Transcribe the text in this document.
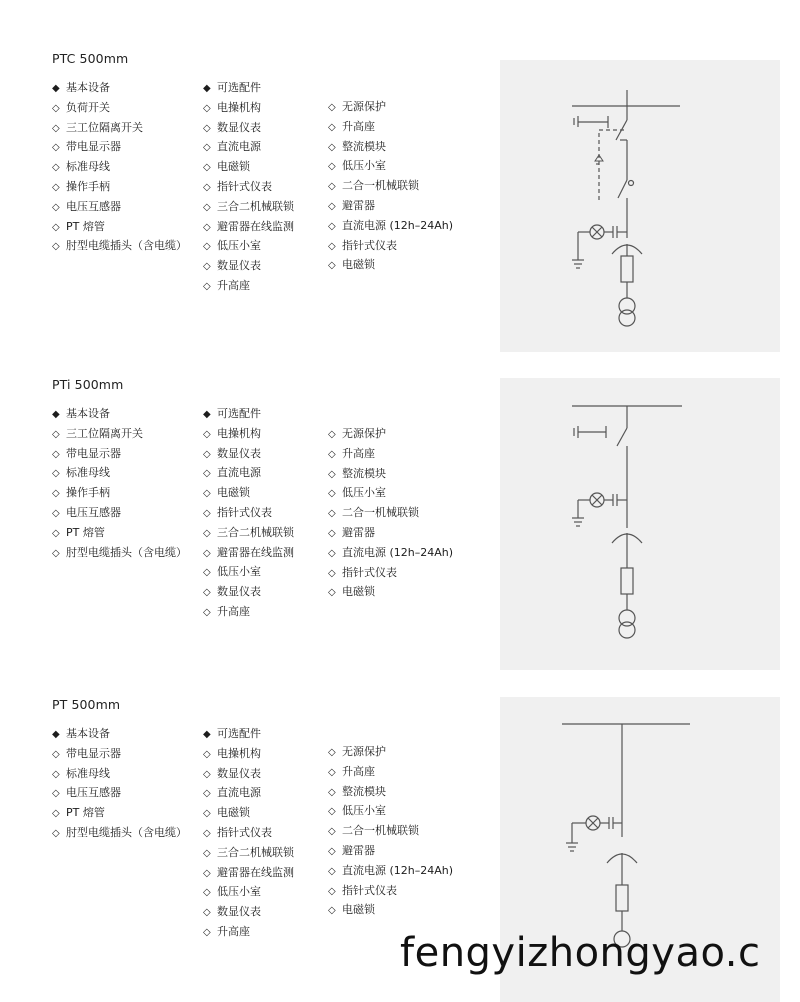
PTC 500mm
◆ 基本设备
◇ 负荷开关
◇ 三工位隔离开关
◇ 带电显示器
◇ 标准母线
◇ 操作手柄
◇ 电压互感器
◇ PT 熔管
◇ 肘型电缆插头（含电缆）
◆ 可选配件
◇ 电操机构
◇ 数显仪表
◇ 直流电源
◇ 电磁锁
◇ 指针式仪表
◇ 三合二机械联锁
◇ 避雷器在线监测
◇ 低压小室
◇ 数显仪表
◇ 升高座
◇ 无源保护
◇ 升高座
◇ 整流模块
◇ 低压小室
◇ 二合一机械联锁
◇ 避雷器
◇ 直流电源 (12h–24Ah)
◇ 指针式仪表
◇ 电磁锁
PTi 500mm
◆ 基本设备
◇ 三工位隔离开关
◇ 带电显示器
◇ 标准母线
◇ 操作手柄
◇ 电压互感器
◇ PT 熔管
◇ 肘型电缆插头（含电缆）
◆ 可选配件
◇ 电操机构
◇ 数显仪表
◇ 直流电源
◇ 电磁锁
◇ 指针式仪表
◇ 三合二机械联锁
◇ 避雷器在线监测
◇ 低压小室
◇ 数显仪表
◇ 升高座
◇ 无源保护
◇ 升高座
◇ 整流模块
◇ 低压小室
◇ 二合一机械联锁
◇ 避雷器
◇ 直流电源 (12h–24Ah)
◇ 指针式仪表
◇ 电磁锁
PT 500mm
◆ 基本设备
◇ 带电显示器
◇ 标准母线
◇ 电压互感器
◇ PT 熔管
◇ 肘型电缆插头（含电缆）
◆ 可选配件
◇ 电操机构
◇ 数显仪表
◇ 直流电源
◇ 电磁锁
◇ 指针式仪表
◇ 三合二机械联锁
◇ 避雷器在线监测
◇ 低压小室
◇ 数显仪表
◇ 升高座
◇ 无源保护
◇ 升高座
◇ 整流模块
◇ 低压小室
◇ 二合一机械联锁
◇ 避雷器
◇ 直流电源 (12h–24Ah)
◇ 指针式仪表
◇ 电磁锁
fengyizhongyao.c
